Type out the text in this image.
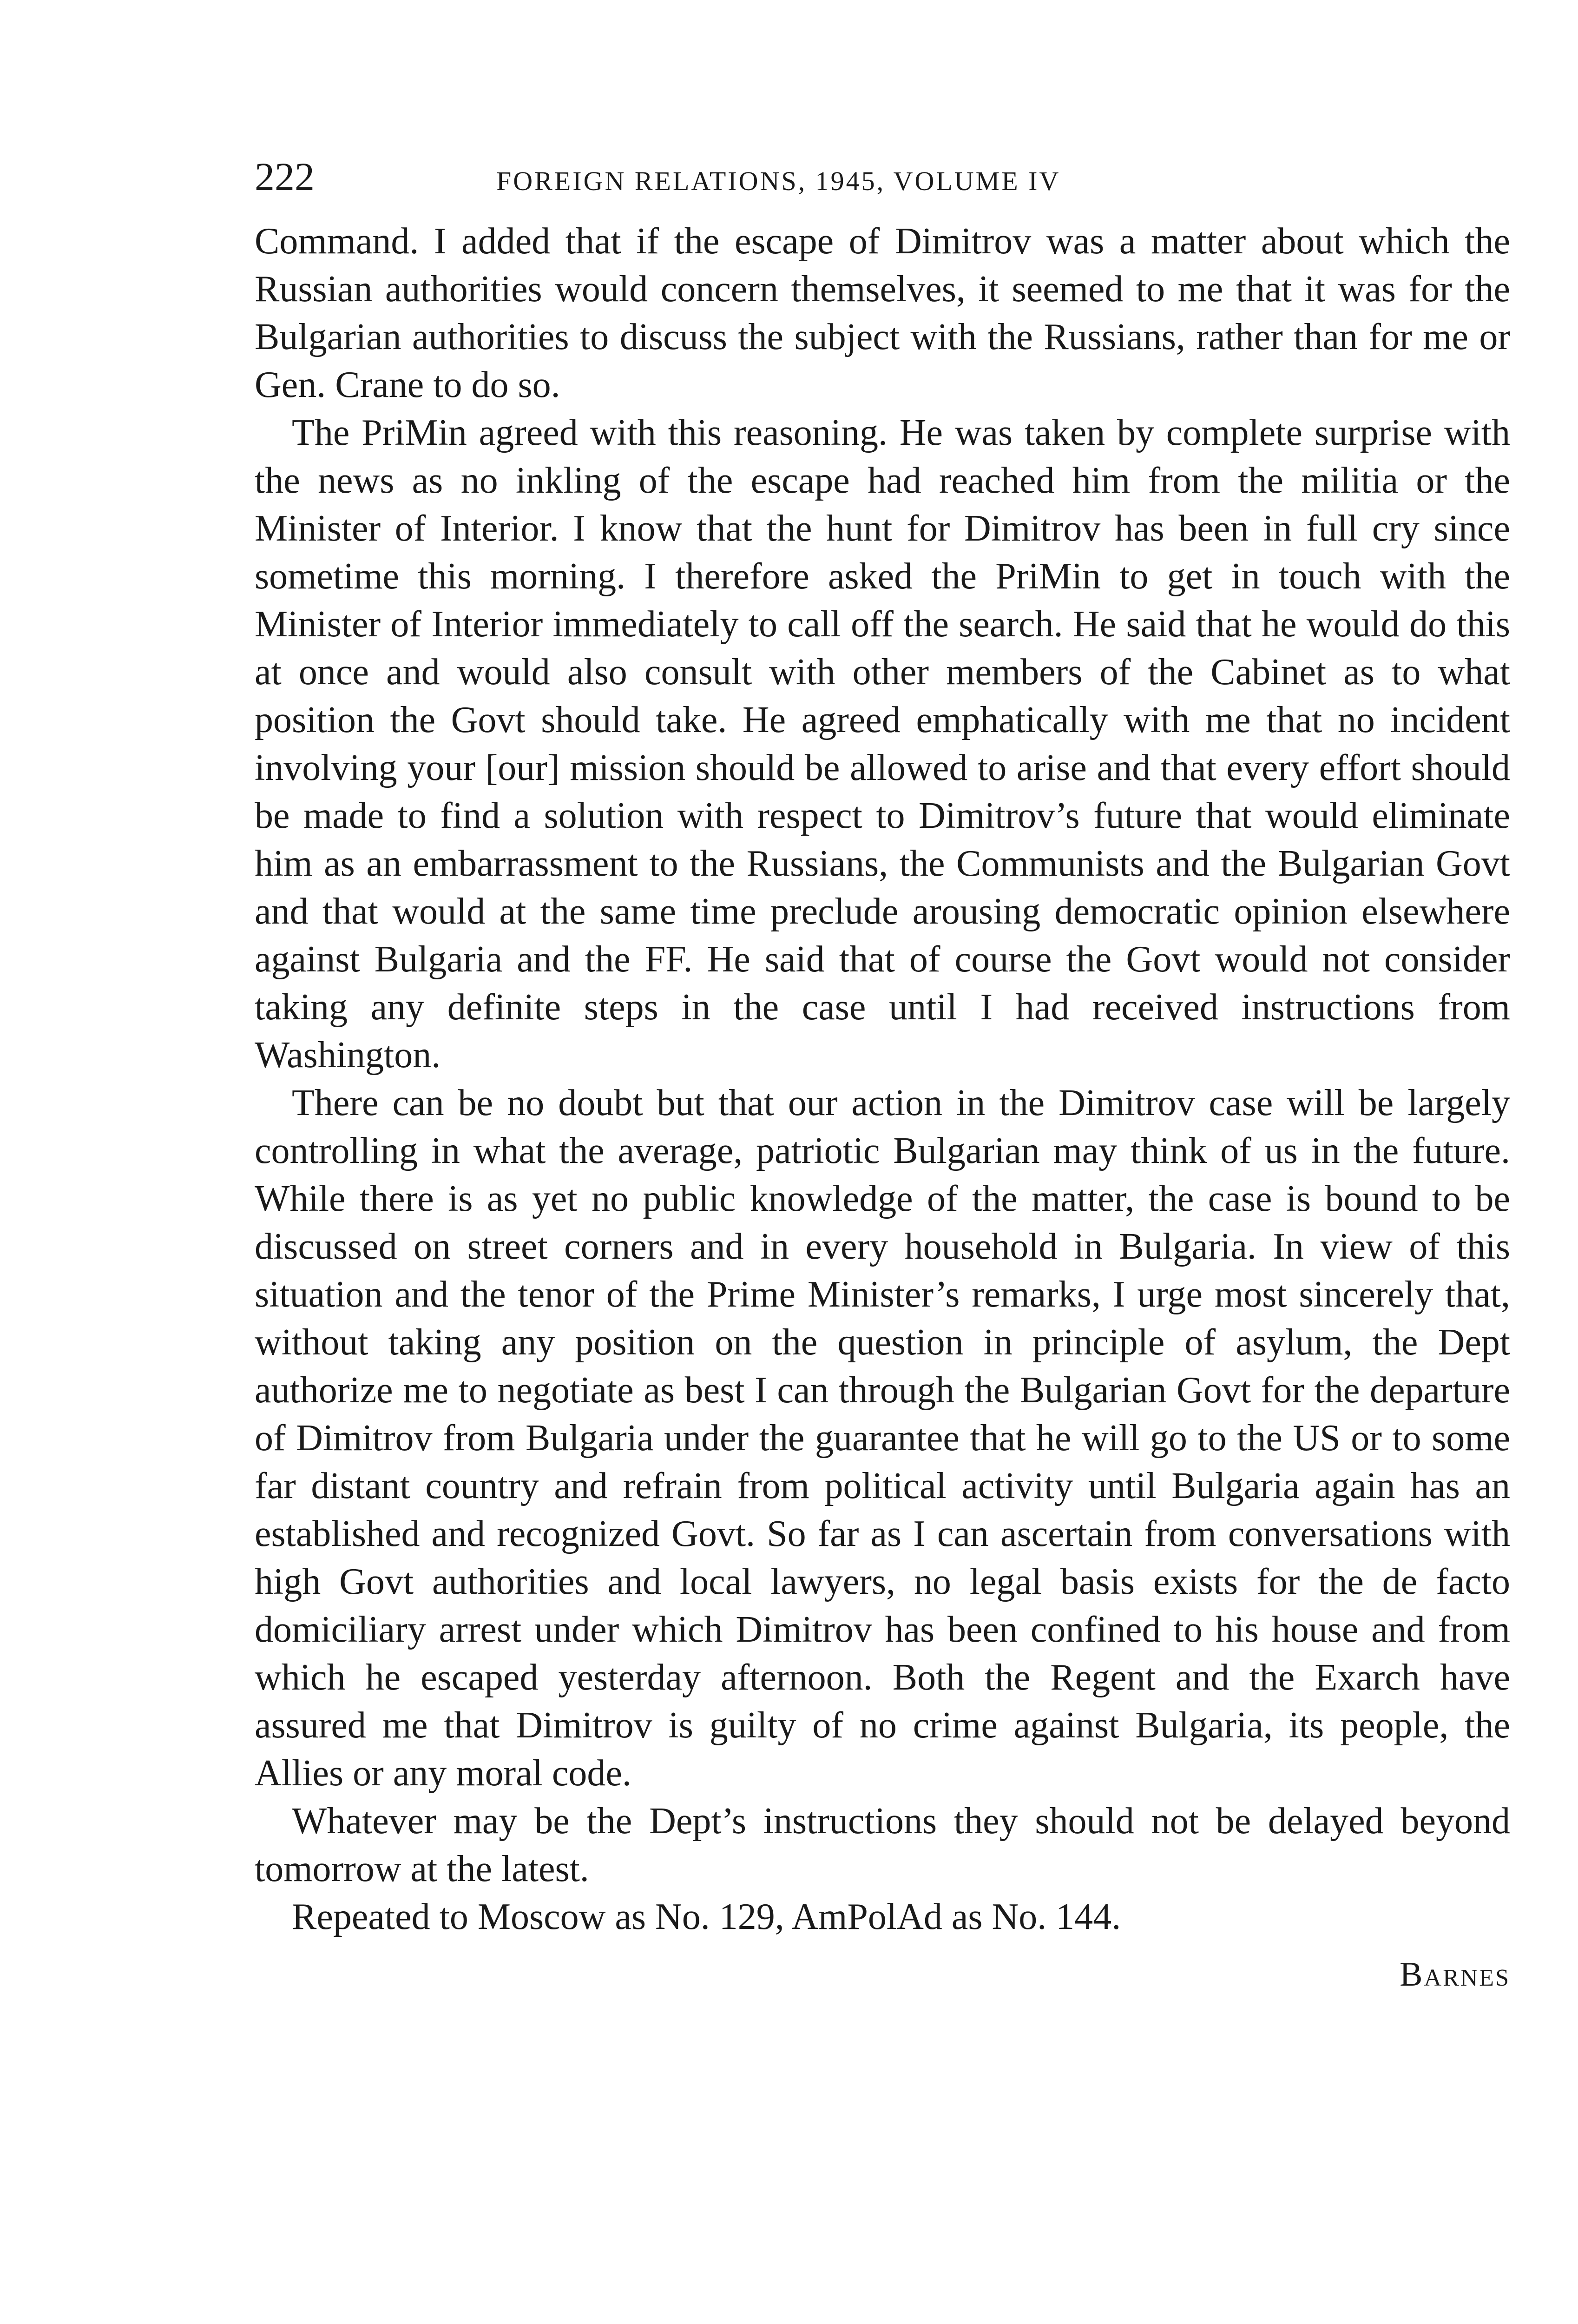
222	FOREIGN RELATIONS, 1945, VOLUME IV

Command. I added that if the escape of Dimitrov was a matter about which the Russian authorities would concern themselves, it seemed to me that it was for the Bulgarian authorities to discuss the subject with the Russians, rather than for me or Gen. Crane to do so.

The PriMin agreed with this reasoning. He was taken by complete surprise with the news as no inkling of the escape had reached him from the militia or the Minister of Interior. I know that the hunt for Dimitrov has been in full cry since sometime this morning. I therefore asked the PriMin to get in touch with the Minister of Interior immediately to call off the search. He said that he would do this at once and would also consult with other members of the Cabinet as to what position the Govt should take. He agreed emphatically with me that no incident involving your [our] mission should be allowed to arise and that every effort should be made to find a solution with respect to Dimitrov’s future that would eliminate him as an embarrassment to the Russians, the Communists and the Bulgarian Govt and that would at the same time preclude arousing democratic opinion elsewhere against Bulgaria and the FF. He said that of course the Govt would not consider taking any definite steps in the case until I had received instructions from Washington.

There can be no doubt but that our action in the Dimitrov case will be largely controlling in what the average, patriotic Bulgarian may think of us in the future. While there is as yet no public knowledge of the matter, the case is bound to be discussed on street corners and in every household in Bulgaria. In view of this situation and the tenor of the Prime Minister’s remarks, I urge most sincerely that, without taking any position on the question in principle of asylum, the Dept authorize me to negotiate as best I can through the Bulgarian Govt for the departure of Dimitrov from Bulgaria under the guarantee that he will go to the US or to some far distant country and refrain from political activity until Bulgaria again has an established and recognized Govt. So far as I can ascertain from conversations with high Govt authorities and local lawyers, no legal basis exists for the de facto domiciliary arrest under which Dimitrov has been confined to his house and from which he escaped yesterday afternoon. Both the Regent and the Exarch have assured me that Dimitrov is guilty of no crime against Bulgaria, its people, the Allies or any moral code.

Whatever may be the Dept’s instructions they should not be delayed beyond tomorrow at the latest.

Repeated to Moscow as No. 129, AmPolAd as No. 144.

Barnes
